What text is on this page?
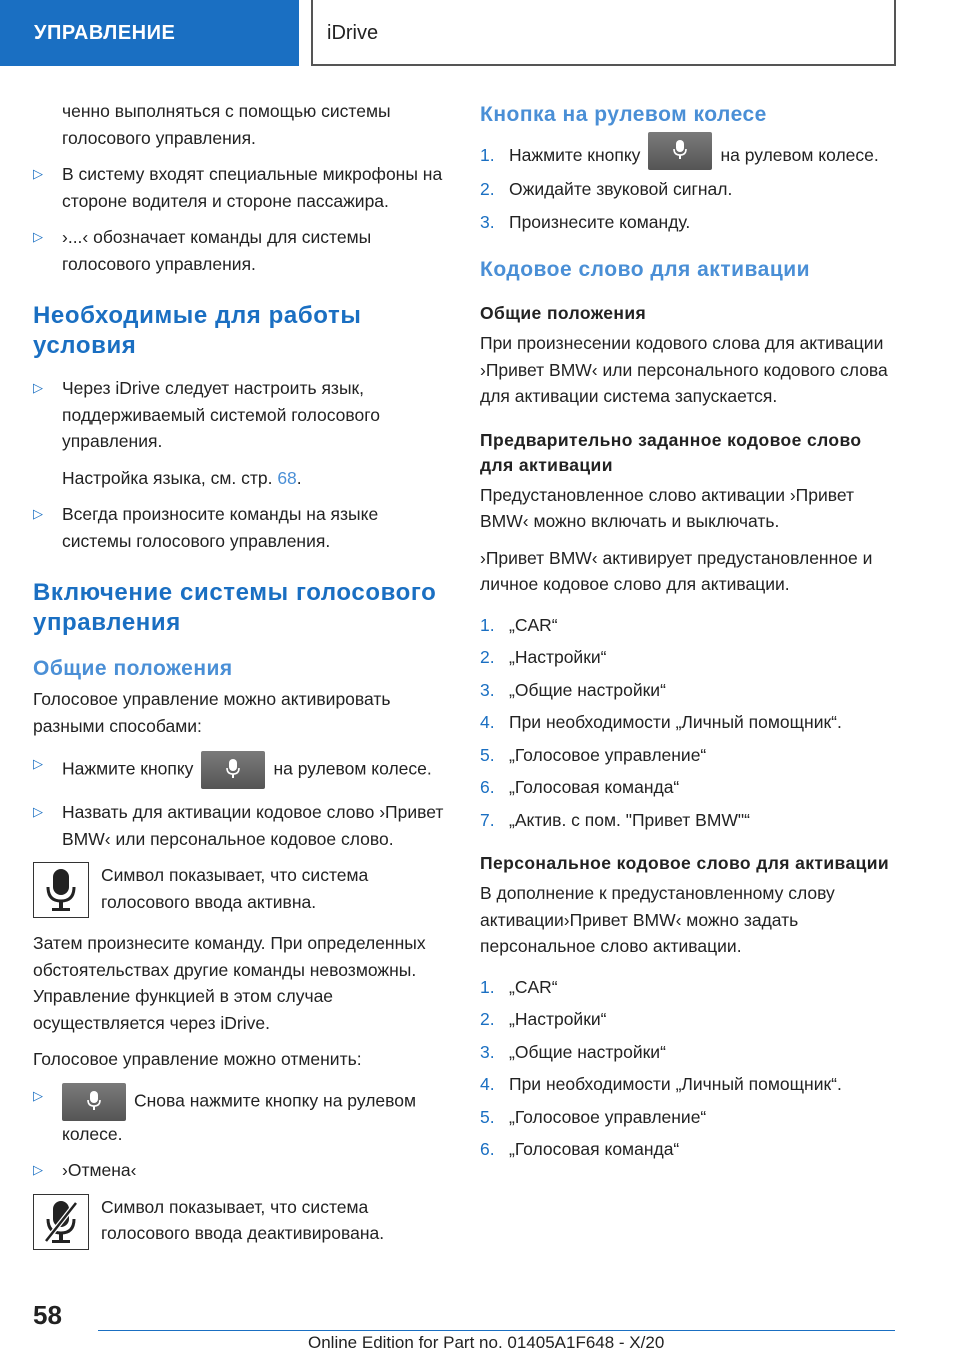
УПРАВЛЕНИЕ	iDrive

ченно выполняться с помощью системы голосового управления.

▷ В систему входят специальные микрофоны на стороне водителя и стороне пассажира.
▷ ›...‹ обозначает команды для системы голосового управления.
Необходимые для работы условия
▷ Через iDrive следует настроить язык, поддерживаемый системой голосового управления.

Настройка языка, см. стр. 68.

▷ Всегда произносите команды на языке системы голосового управления.
Включение системы голосового управления
Общие положения

Голосовое управление можно активировать разными способами:

▷ Нажмите кнопку	на рулевом колесе.
▷ Назвать для активации кодовое слово ›Привет BMW‹ или персональное кодовое слово.
Символ показывает, что система голосового ввода активна.

Затем произнесите команду. При определенных обстоятельствах другие команды невозможны. Управление функцией в этом случае осуществляется через iDrive.

Голосовое управление можно отменить:

▷	Снова нажмите кнопку на рулевом колесе.
▷ ›Отмена‹
Символ показывает, что система голосового ввода деактивирована.
Кнопка на рулевом колесе
1. Нажмите кнопку	на рулевом колесе.
2. Ожидайте звуковой сигнал.
3. Произнесите команду.
Кодовое слово для активации
Общие положения

При произнесении кодового слова для активации ›Привет BMW‹ или персонального кодового слова для активации система запускается.

Предварительно заданное кодовое слово для активации

Предустановленное слово активации ›Привет BMW‹ можно включать и выключать.

›Привет BMW‹ активирует предустановленное и личное кодовое слово для активации.

1. „CAR“
2. „Настройки“
3. „Общие настройки“
4. При необходимости „Личный помощник“.
5. „Голосовое управление“
6. „Голосовая команда“
7. „Актив. с пом. "Привет BMW"“
Персональное кодовое слово для активации

В дополнение к предустановленному слову активации›Привет BMW‹ можно задать персональное слово активации.

1. „CAR“
2. „Настройки“
3. „Общие настройки“
4. При необходимости „Личный помощник“.
5. „Голосовое управление“
6. „Голосовая команда“
58
Online Edition for Part no. 01405A1F648 - X/20
